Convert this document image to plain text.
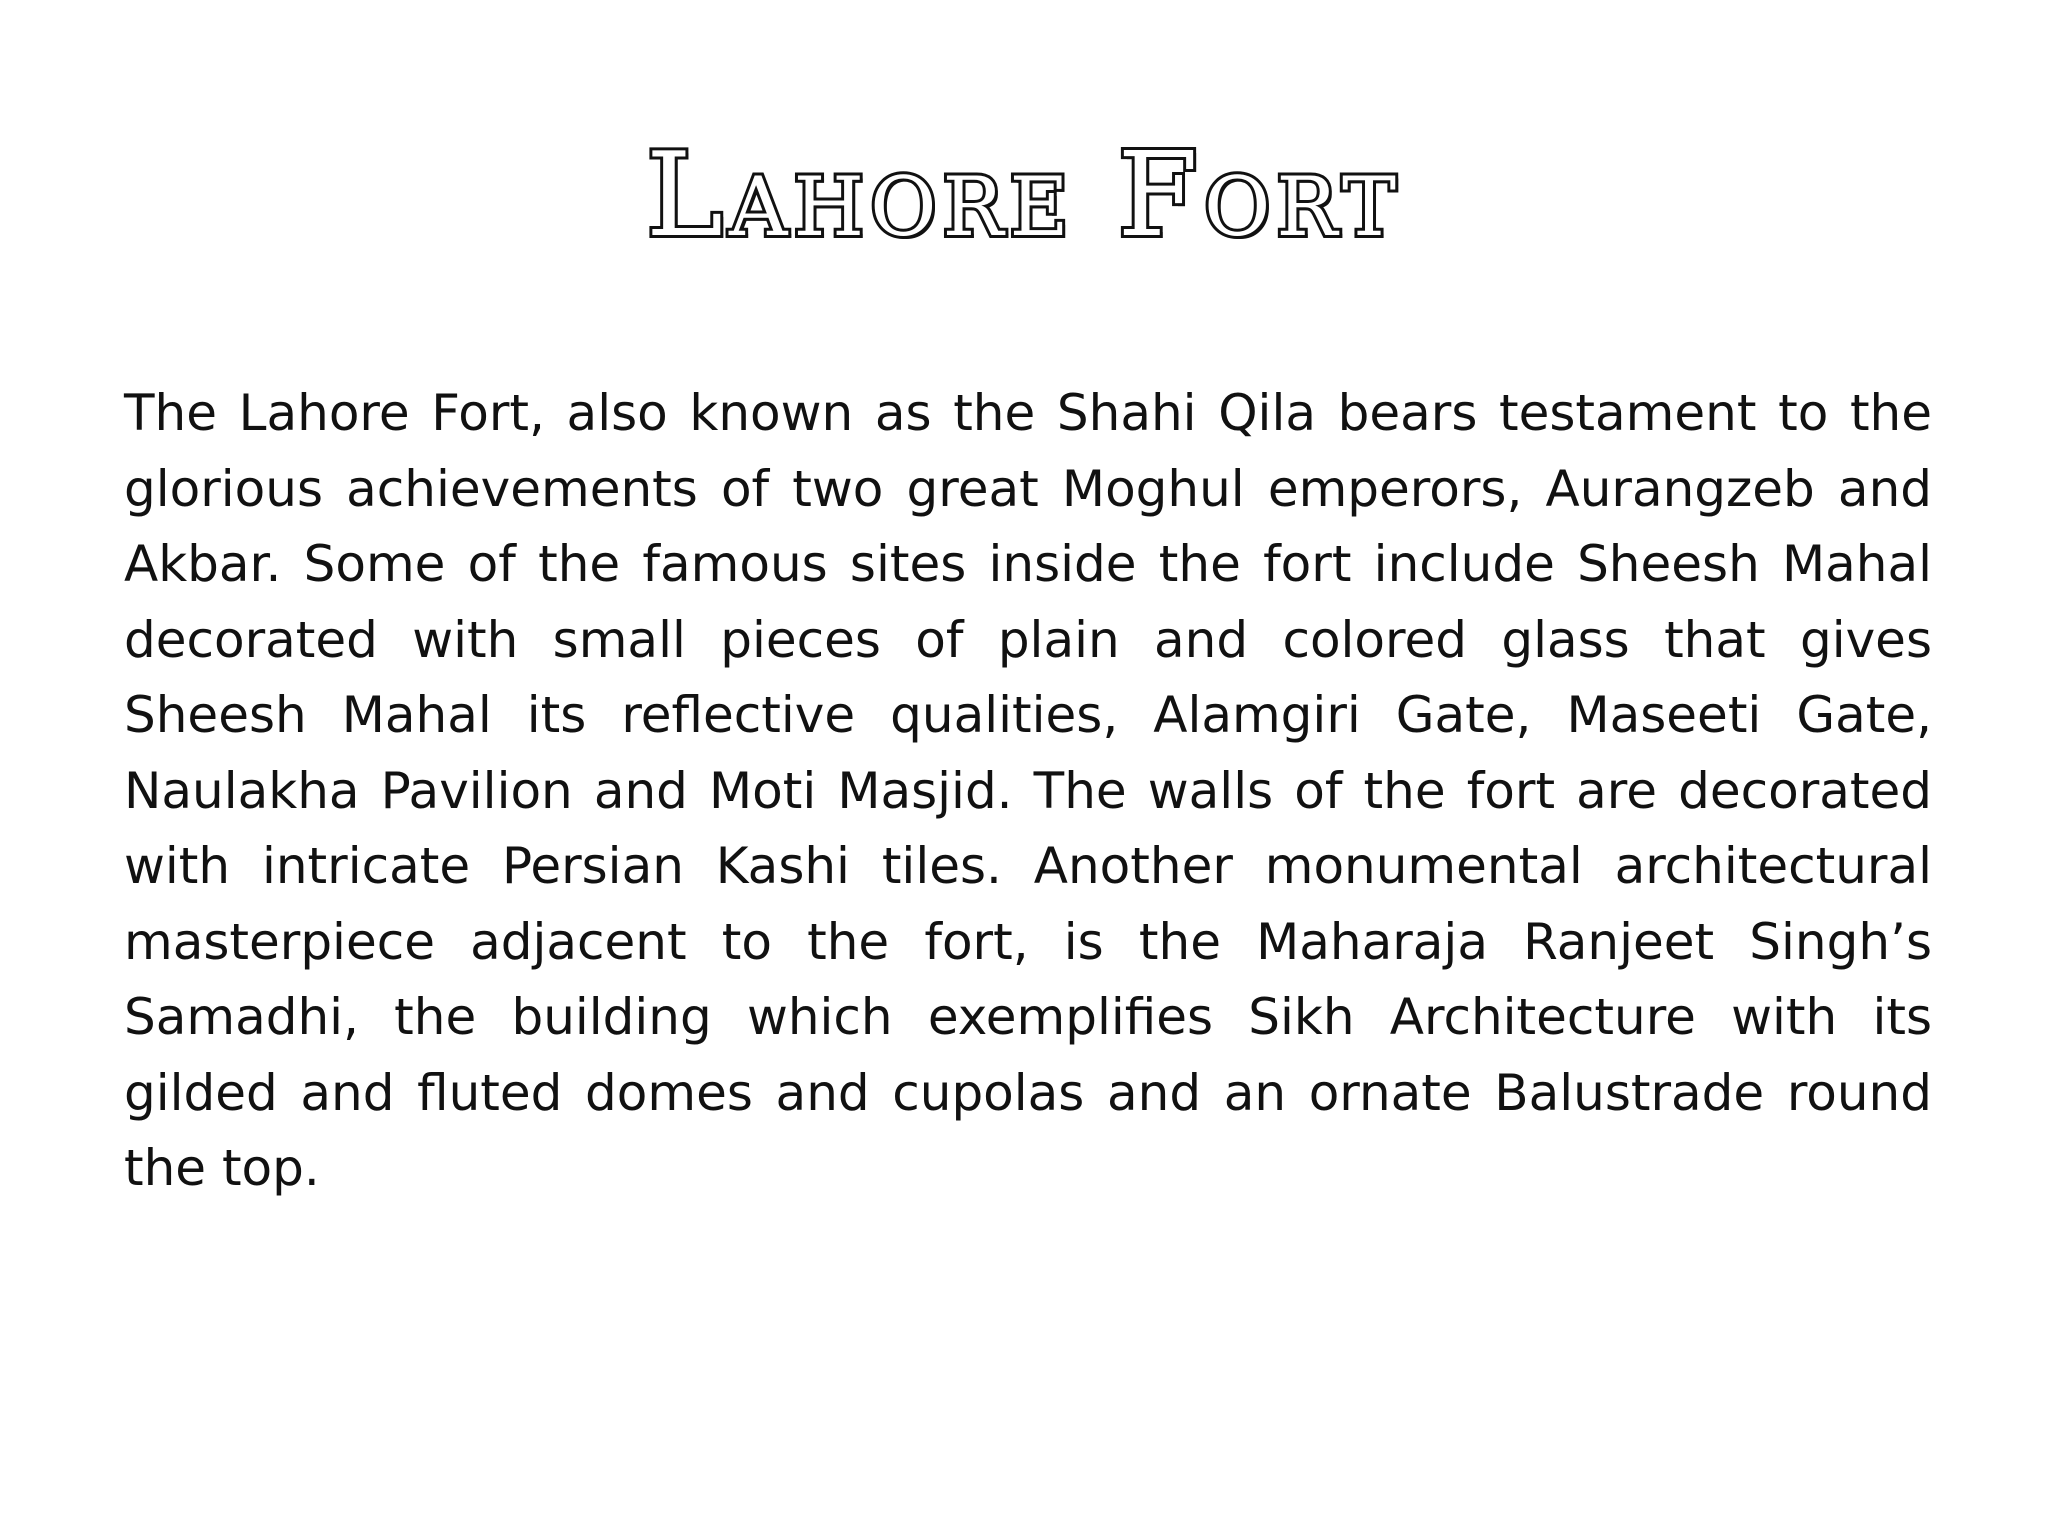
Lahore Fort

The Lahore Fort, also known as the Shahi Qila bears testament to the glorious achievements of two great Moghul emperors, Aurangzeb and Akbar. Some of the famous sites inside the fort include Sheesh Mahal decorated with small pieces of plain and colored glass that gives Sheesh Mahal its reflective qualities, Alamgiri Gate, Maseeti Gate, Naulakha Pavilion and Moti Masjid. The walls of the fort are decorated with intricate Persian Kashi tiles. Another monumental architectural masterpiece adjacent to the fort, is the Maharaja Ranjeet Singh’s Samadhi, the building which exemplifies Sikh Architecture with its gilded and fluted domes and cupolas and an ornate Balustrade round the top.
